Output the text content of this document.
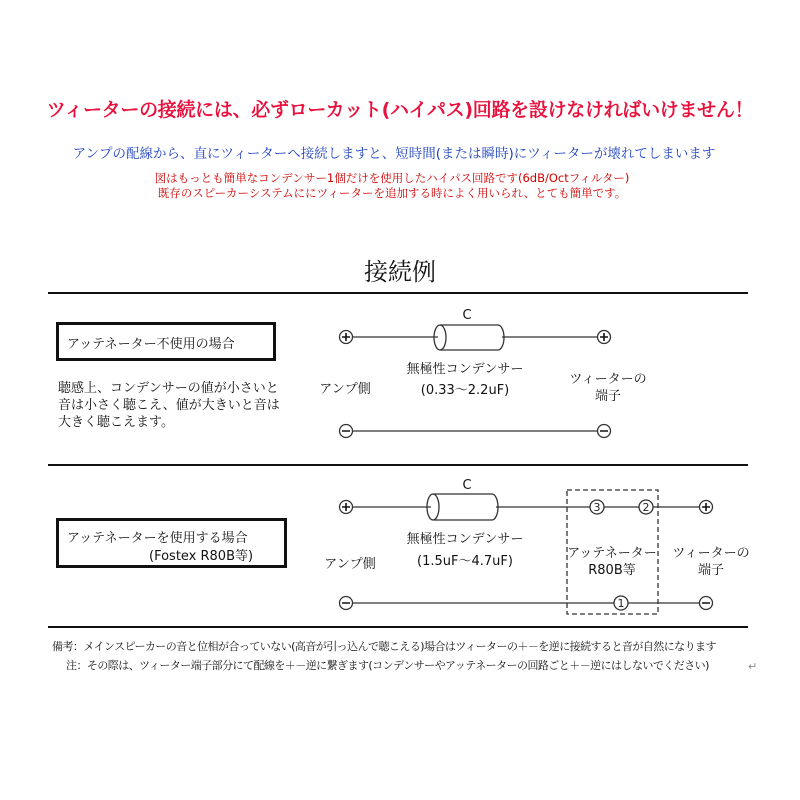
ツィーターの接続には、必ずローカット(ハイパス)回路を設けなければいけません！
アンプの配線から、直にツィーターへ接続しますと、短時間(または瞬時)にツィーターが壊れてしまいます
図はもっとも簡単なコンデンサー1個だけを使用したハイパス回路です(6dB/Octフィルター)
既存のスピーカーシステムににツィーターを追加する時によく用いられ、とても簡単です。
接続例
3	2
1
アッテネーター不使用の場合
聴感上、コンデンサーの値が小さいと
音は小さく聴こえ、値が大きいと音は
大きく聴こえます。
C
無極性コンデンサー
(0.33～2.2uF)
アンプ側
ツィーターの
端子
アッテネーターを使用する場合
(Fostex R80B等)
C
無極性コンデンサー
(1.5uF～4.7uF)
アンプ側
アッテネーター
R80B等
ツィーターの
端子
備考：メインスピーカーの音と位相が合っていない(高音が引っ込んで聴こえる)場合はツィーターの＋－を逆に接続すると音が自然になります
注：その際は、ツィーター端子部分にて配線を＋－逆に繋ぎます(コンデンサーやアッテネーターの回路ごと＋－逆にはしないでください)	↵
